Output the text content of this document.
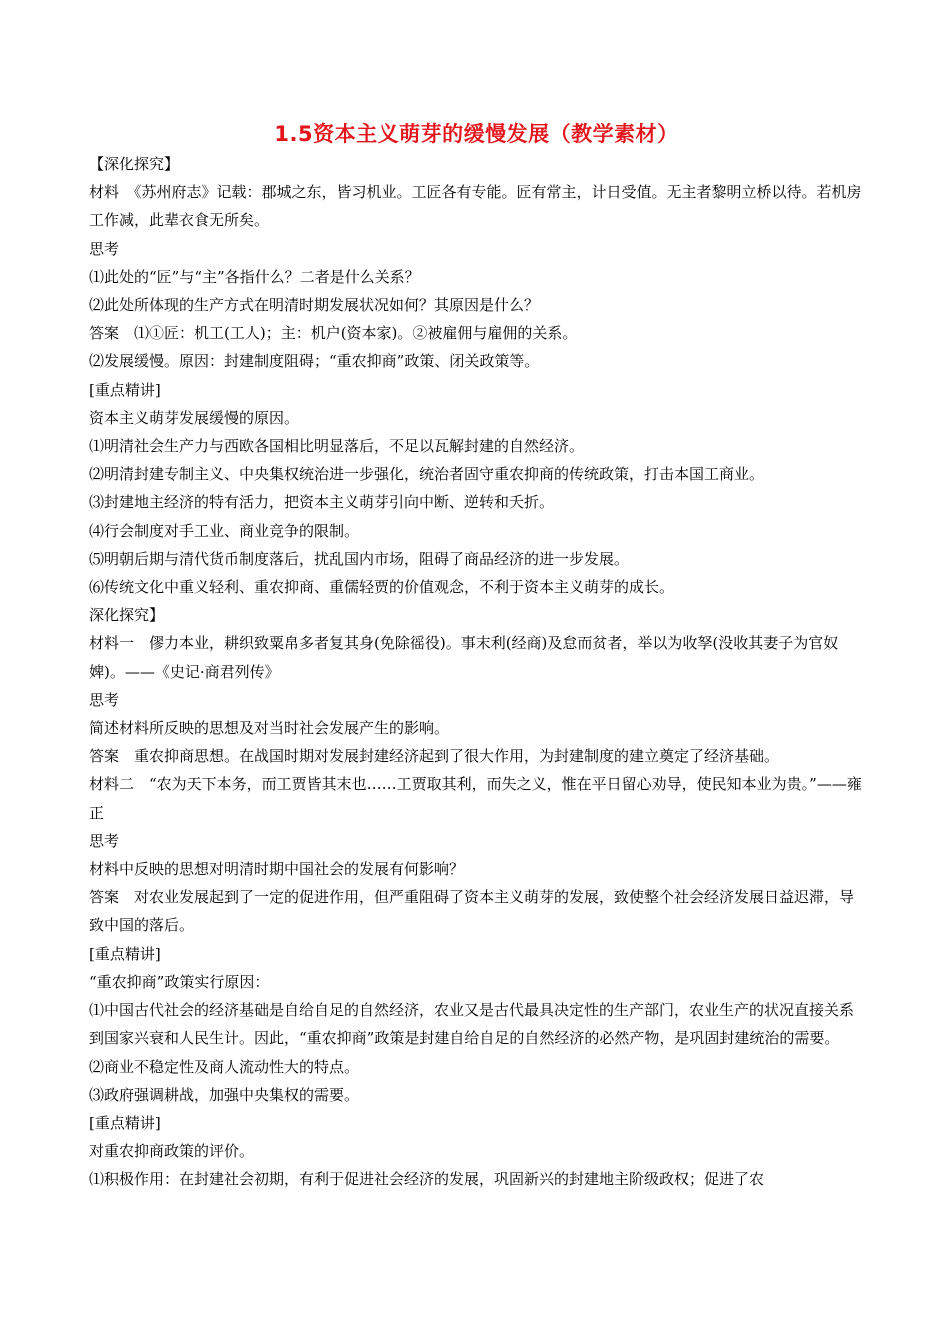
1.5资本主义萌芽的缓慢发展（教学素材）

【深化探究】

材料　《苏州府志》记载：郡城之东，皆习机业。工匠各有专能。匠有常主，计日受值。无主者黎明立桥以待。若机房工作减，此辈衣食无所矣。

思考

⑴此处的“匠”与“主”各指什么？二者是什么关系？

⑵此处所体现的生产方式在明清时期发展状况如何？其原因是什么？

答案　⑴①匠：机工(工人)；主：机户(资本家)。②被雇佣与雇佣的关系。

⑵发展缓慢。原因：封建制度阻碍；“重农抑商”政策、闭关政策等。

[重点精讲]

资本主义萌芽发展缓慢的原因。

⑴明清社会生产力与西欧各国相比明显落后，不足以瓦解封建的自然经济。

⑵明清封建专制主义、中央集权统治进一步强化，统治者固守重农抑商的传统政策，打击本国工商业。

⑶封建地主经济的特有活力，把资本主义萌芽引向中断、逆转和夭折。

⑷行会制度对手工业、商业竞争的限制。

⑸明朝后期与清代货币制度落后，扰乱国内市场，阻碍了商品经济的进一步发展。

⑹传统文化中重义轻利、重农抑商、重儒轻贾的价值观念，不利于资本主义萌芽的成长。

深化探究】

材料一　僇力本业，耕织致粟帛多者复其身(免除徭役)。事末利(经商)及怠而贫者，举以为收孥(没收其妻子为官奴婢)。——《史记·商君列传》

思考

简述材料所反映的思想及对当时社会发展产生的影响。

答案　重农抑商思想。在战国时期对发展封建经济起到了很大作用，为封建制度的建立奠定了经济基础。

材料二　“农为天下本务，而工贾皆其末也……工贾取其利，而失之义，惟在平日留心劝导，使民知本业为贵。”——雍正

思考

材料中反映的思想对明清时期中国社会的发展有何影响？

答案　对农业发展起到了一定的促进作用，但严重阻碍了资本主义萌芽的发展，致使整个社会经济发展日益迟滞，导致中国的落后。

[重点精讲]

“重农抑商”政策实行原因：

⑴中国古代社会的经济基础是自给自足的自然经济，农业又是古代最具决定性的生产部门，农业生产的状况直接关系到国家兴衰和人民生计。因此，“重农抑商”政策是封建自给自足的自然经济的必然产物，是巩固封建统治的需要。

⑵商业不稳定性及商人流动性大的特点。

⑶政府强调耕战，加强中央集权的需要。

[重点精讲]

对重农抑商政策的评价。

⑴积极作用：在封建社会初期，有利于促进社会经济的发展，巩固新兴的封建地主阶级政权；促进了农
